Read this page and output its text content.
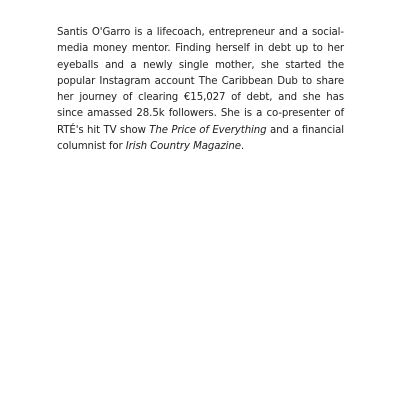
Santis O'Garro is a lifecoach, entrepreneur and a social-media money mentor. Finding herself in debt up to her eyeballs and a newly single mother, she started the popular Instagram account The Caribbean Dub to share her journey of clearing €15,027 of debt, and she has since amassed 28.5k followers. She is a co-presenter of RTÉ's hit TV show The Price of Everything and a financial columnist for Irish Country Magazine.
